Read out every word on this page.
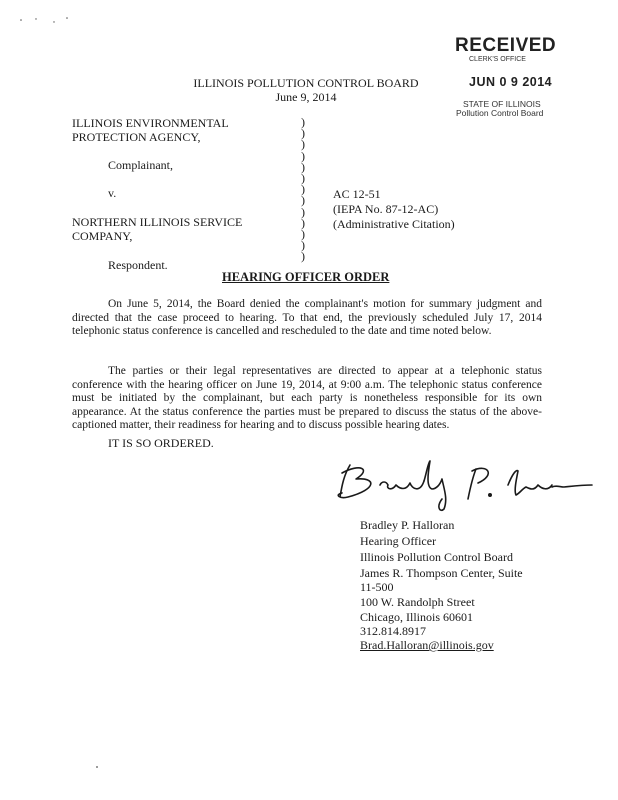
RECEIVED
CLERK'S OFFICE
JUN 0 9 2014
STATE OF ILLINOIS
Pollution Control Board
ILLINOIS POLLUTION CONTROL BOARD
June 9, 2014
ILLINOIS ENVIRONMENTAL
PROTECTION AGENCY,
Complainant,
v.
NORTHERN ILLINOIS SERVICE
COMPANY,
Respondent.
)
)
)
)
)
)
)
)
)
)
)
)
)
AC 12-51
(IEPA No. 87-12-AC)
(Administrative Citation)
HEARING OFFICER ORDER
On June 5, 2014, the Board denied the complainant's motion for summary judgment and directed that the case proceed to hearing. To that end, the previously scheduled July 17, 2014 telephonic status conference is cancelled and rescheduled to the date and time noted below.
The parties or their legal representatives are directed to appear at a telephonic status conference with the hearing officer on June 19, 2014, at 9:00 a.m. The telephonic status conference must be initiated by the complainant, but each party is nonetheless responsible for its own appearance. At the status conference the parties must be prepared to discuss the status of the above-captioned matter, their readiness for hearing and to discuss possible hearing dates.
IT IS SO ORDERED.
Bradley P. Halloran
Hearing Officer
Illinois Pollution Control Board
James R. Thompson Center, Suite
11-500
100 W. Randolph Street
Chicago, Illinois 60601
312.814.8917
Brad.Halloran@illinois.gov
